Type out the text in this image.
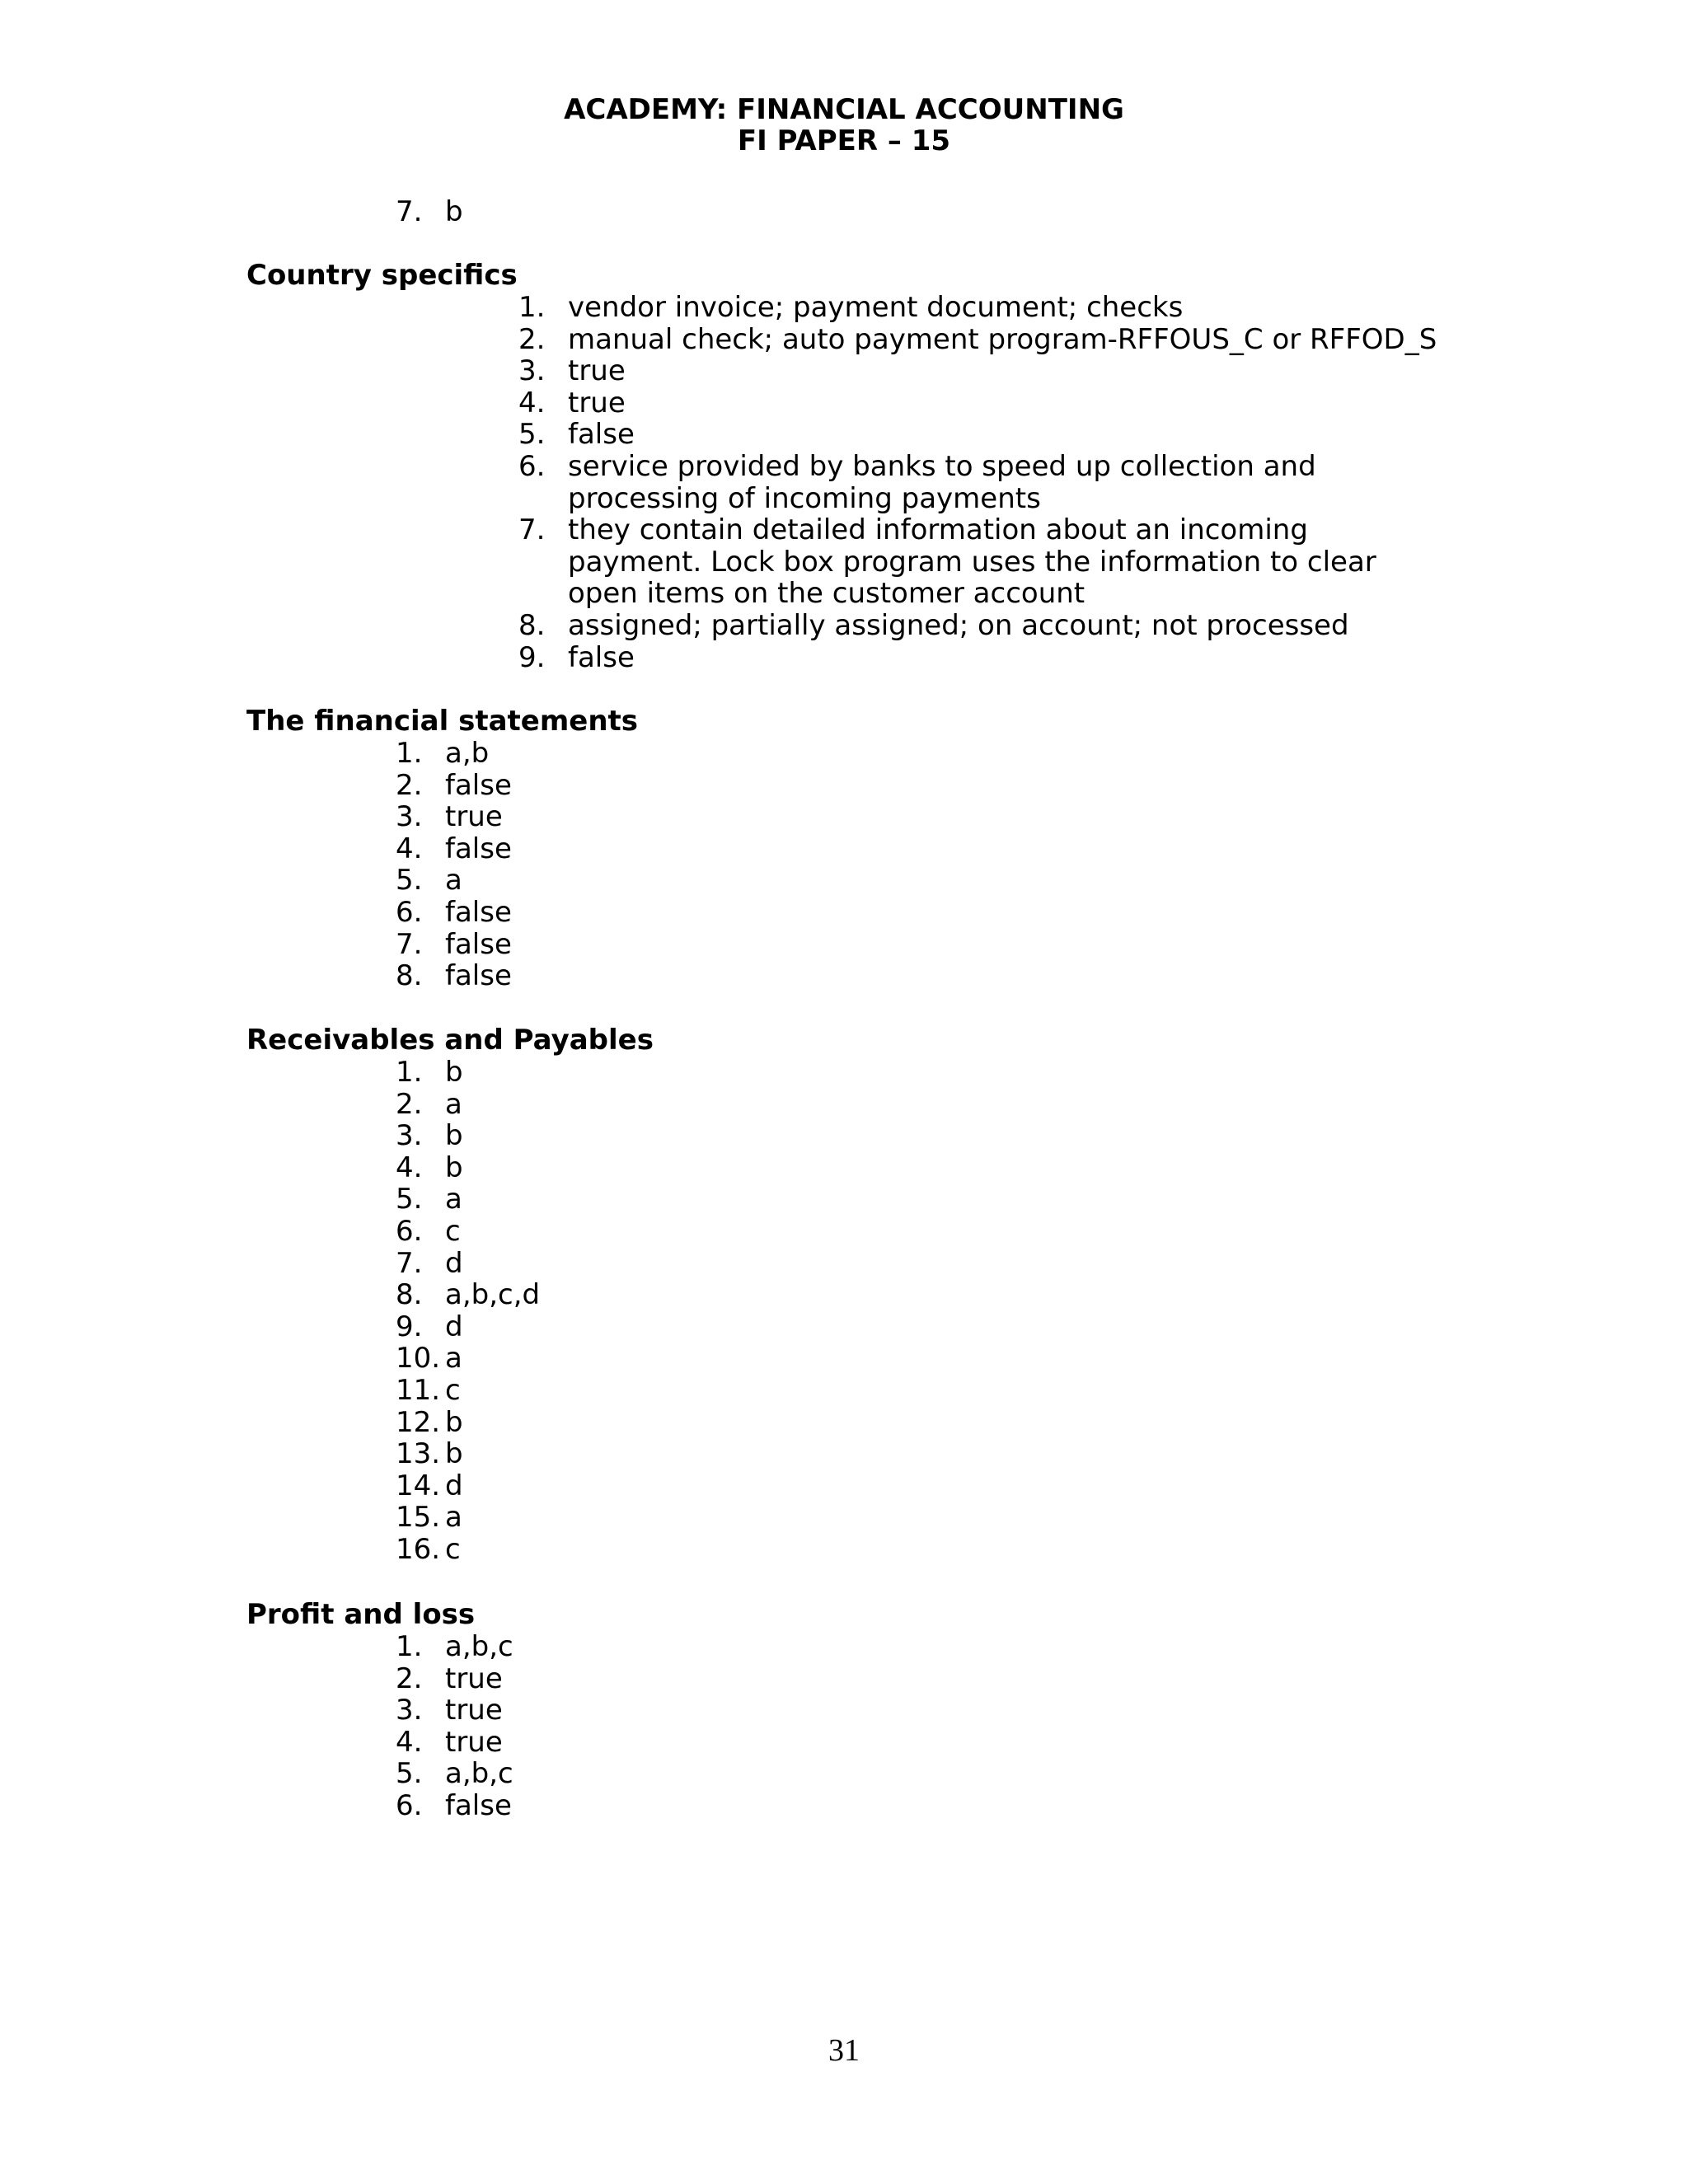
ACADEMY: FINANCIAL ACCOUNTING
FI PAPER – 15
7. b
Country specifics
1. vendor invoice; payment document; checks
2. manual check; auto payment program-RFFOUS_C or RFFOD_S
3. true
4. true
5. false
6. service provided by banks to speed up collection and processing of incoming payments
7. they contain detailed information about an incoming payment. Lock box program uses the information to clear open items on the customer account
8. assigned; partially assigned; on account; not processed
9. false
The financial statements
1. a,b
2. false
3. true
4. false
5. a
6. false
7. false
8. false
Receivables and Payables
1. b
2. a
3. b
4. b
5. a
6. c
7. d
8. a,b,c,d
9. d
10. a
11. c
12. b
13. b
14. d
15. a
16. c
Profit and loss
1. a,b,c
2. true
3. true
4. true
5. a,b,c
6. false
31
